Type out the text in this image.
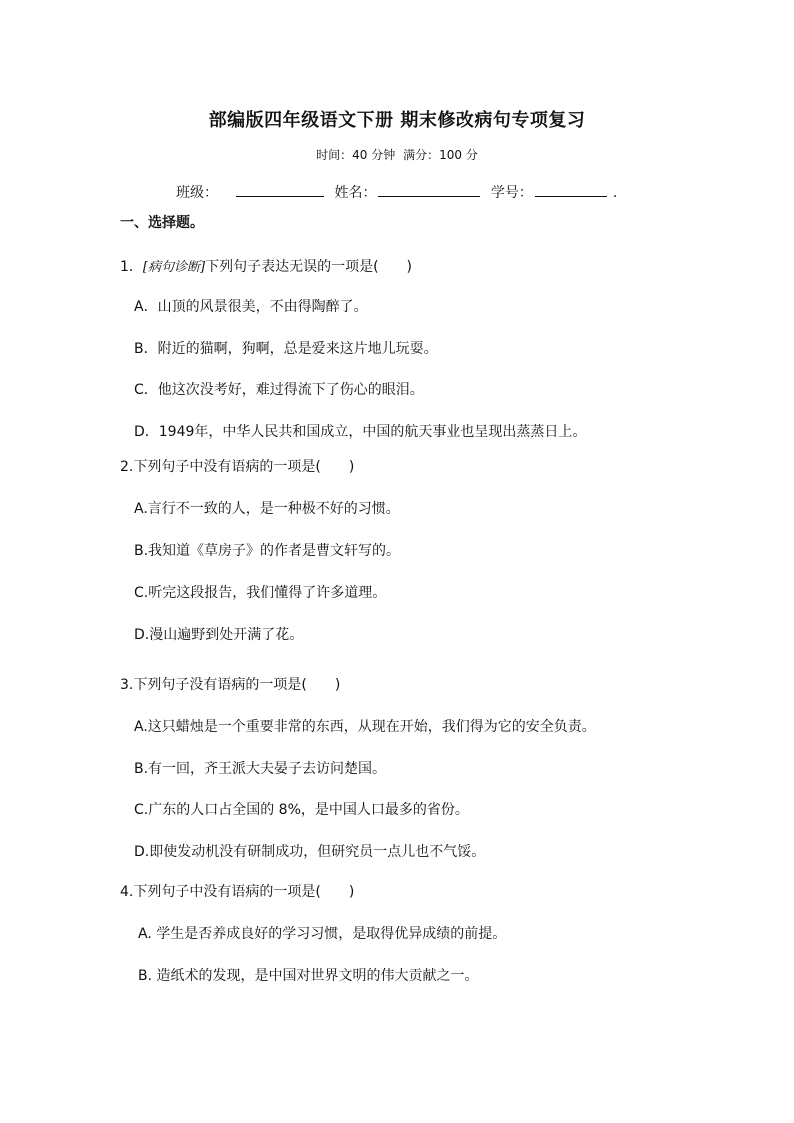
部编版四年级语文下册 期末修改病句专项复习
时间：40 分钟 满分：100 分
班级：	姓名：	学号：	.
一、选择题。
1．[病句诊断]下列句子表达无误的一项是(　　)
A．山顶的风景很美，不由得陶醉了。
B．附近的猫啊，狗啊，总是爱来这片地儿玩耍。
C．他这次没考好，难过得流下了伤心的眼泪。
D．1949年，中华人民共和国成立，中国的航天事业也呈现出蒸蒸日上。
2.下列句子中没有语病的一项是(　　)
A.言行不一致的人，是一种极不好的习惯。
B.我知道《草房子》的作者是曹文轩写的。
C.听完这段报告，我们懂得了许多道理。
D.漫山遍野到处开满了花。
3.下列句子没有语病的一项是(　　)
A.这只蜡烛是一个重要非常的东西，从现在开始，我们得为它的安全负责。
B.有一回，齐王派大夫晏子去访问楚国。
C.广东的人口占全国的 8%，是中国人口最多的省份。
D.即使发动机没有研制成功，但研究员一点儿也不气馁。
4.下列句子中没有语病的一项是(　　)
A. 学生是否养成良好的学习习惯，是取得优异成绩的前提。
B. 造纸术的发现，是中国对世界文明的伟大贡献之一。
